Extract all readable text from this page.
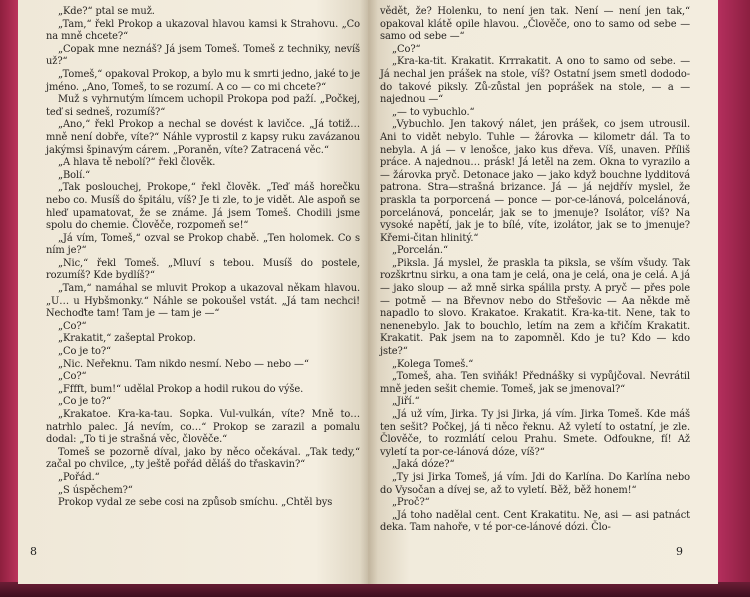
„Kde?“ ptal se muž.

„Tam,“ řekl Prokop a ukazoval hlavou kamsi k Strahovu. „Co na mně chcete?“

„Copak mne neznáš? Já jsem Tomeš. Tomeš z techniky, nevíš už?“

„Tomeš,“ opakoval Prokop, a bylo mu k smrti jedno, jaké to je jméno. „Ano, Tomeš, to se rozumí. A co — co mi chcete?“

Muž s vyhrnutým límcem uchopil Prokopa pod paží. „Počkej, teď si sedneš, rozumíš?“

„Ano,“ řekl Prokop a nechal se dovést k lavičce. „Já totiž… mně není dobře, víte?“ Náhle vyprostil z kapsy ruku zavázanou jakýmsi špinavým cárem. „Poraněn, víte? Zatracená věc.“

„A hlava tě nebolí?“ řekl člověk.

„Bolí.“

„Tak poslouchej, Prokope,“ řekl člověk. „Teď máš horečku nebo co. Musíš do špitálu, víš? Je ti zle, to je vidět. Ale aspoň se hleď upamatovat, že se známe. Já jsem Tomeš. Chodili jsme spolu do chemie. Člověče, rozpomeň se!“

„Já vím, Tomeš,“ ozval se Prokop chabě. „Ten holomek. Co s ním je?“

„Nic,“ řekl Tomeš. „Mluví s tebou. Musíš do postele, rozumíš? Kde bydlíš?“

„Tam,“ namáhal se mluvit Prokop a ukazoval někam hlavou. „U… u Hybšmonky.“ Náhle se pokoušel vstát. „Já tam nechci! Nechoďte tam! Tam je — tam je —“

„Co?“

„Krakatit,“ zašeptal Prokop.

„Co je to?“

„Nic. Neřeknu. Tam nikdo nesmí. Nebo — nebo —“

„Co?“

„Fffft, bum!“ udělal Prokop a hodil rukou do výše.

„Co je to?“

„Krakatoe. Kra-ka-tau. Sopka. Vul-vulkán, víte? Mně to… natrhlo palec. Já nevím, co…“ Prokop se zarazil a pomalu dodal: „To ti je strašná věc, člověče.“

Tomeš se pozorně díval, jako by něco očekával. „Tak tedy,“ začal po chvilce, „ty ještě pořád děláš do třaskavin?“

„Pořád.“

„S úspěchem?“

Prokop vydal ze sebe cosi na způsob smíchu. „Chtěl bys

vědět, že? Holenku, to není jen tak. Není — není jen tak,“ opakoval klátě opile hlavou. „Člověče, ono to samo od sebe — samo od sebe —“

„Co?“

„Kra-ka-tit. Krakatit. Krrrakatit. A ono to samo od sebe. — Já nechal jen prášek na stole, víš? Ostatní jsem smetl dododo-do takové piksly. Zů-zůstal jen poprášek na stole, — a — najednou —“

„— to vybuchlo.“

„Vybuchlo. Jen takový nálet, jen prášek, co jsem utrousil. Ani to vidět nebylo. Tuhle — žárovka — kilometr dál. Ta to nebyla. A já — v lenošce, jako kus dřeva. Víš, unaven. Příliš práce. A najednou… prásk! Já letěl na zem. Okna to vyrazilo a — žárovka pryč. Detonace jako — jako když bouchne lydditová patrona. Stra—strašná brizance. Já — já nejdřív myslel, že praskla ta porporcená — ponce — por-ce-lánová, polcelánová, porcelánová, poncelár, jak se to jmenuje? Isolátor, víš? Na vysoké napětí, jak je to bílé, víte, izolátor, jak se to jmenuje? Křemi-čitan hlinitý.“

„Porcelán.“

„Piksla. Já myslel, že praskla ta piksla, se vším všudy. Tak rozškrtnu sirku, a ona tam je celá, ona je celá, ona je celá. A já — jako sloup — až mně sirka spálila prsty. A pryč — přes pole — potmě — na Břevnov nebo do Střešovic — Aa někde mě napadlo to slovo. Krakatoe. Krakatit. Kra-ka-tit. Nene, tak to nenenebylo. Jak to bouchlo, letím na zem a křičím Krakatit. Krakatit. Pak jsem na to zapomněl. Kdo je tu? Kdo — kdo jste?“

„Kolega Tomeš.“

„Tomeš, aha. Ten sviňák! Přednášky si vypůjčoval. Nevrátil mně jeden sešit chemie. Tomeš, jak se jmenoval?“

„Jiří.“

„Já už vím, Jirka. Ty jsi Jirka, já vím. Jirka Tomeš. Kde máš ten sešit? Počkej, já ti něco řeknu. Až vyletí to ostatní, je zle. Člověče, to rozmlátí celou Prahu. Smete. Odfoukne, fí! Až vyletí ta por-ce-lánová dóze, víš?“

„Jaká dóze?“

„Ty jsi Jirka Tomeš, já vím. Jdi do Karlína. Do Karlína nebo do Vysočan a dívej se, až to vyletí. Běž, běž honem!“

„Proč?“

„Já toho nadělal cent. Cent Krakatitu. Ne, asi — asi patnáct deka. Tam nahoře, v té por-ce-lánové dózi. Člo-

8	9
